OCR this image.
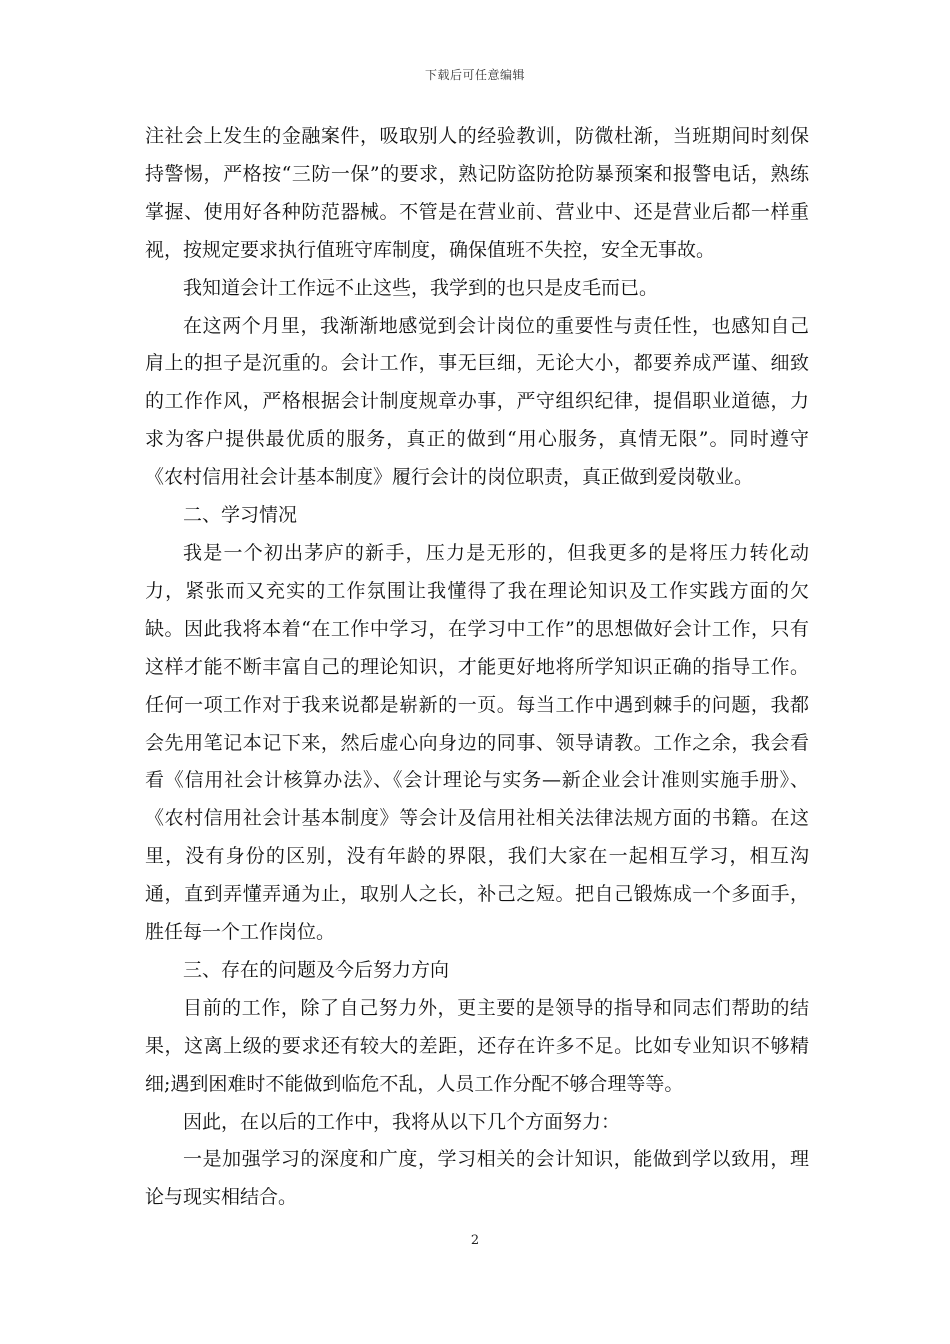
下载后可任意编辑

注社会上发生的金融案件，吸取别人的经验教训，防微杜渐，当班期间时刻保持警惕，严格按“三防一保”的要求，熟记防盗防抢防暴预案和报警电话，熟练掌握、使用好各种防范器械。不管是在营业前、营业中、还是营业后都一样重视，按规定要求执行值班守库制度，确保值班不失控，安全无事故。

我知道会计工作远不止这些，我学到的也只是皮毛而已。

在这两个月里，我渐渐地感觉到会计岗位的重要性与责任性，也感知自己肩上的担子是沉重的。会计工作，事无巨细，无论大小，都要养成严谨、细致的工作作风，严格根据会计制度规章办事，严守组织纪律，提倡职业道德，力求为客户提供最优质的服务，真正的做到“用心服务，真情无限”。同时遵守《农村信用社会计基本制度》履行会计的岗位职责，真正做到爱岗敬业。

二、学习情况

我是一个初出茅庐的新手，压力是无形的，但我更多的是将压力转化动力，紧张而又充实的工作氛围让我懂得了我在理论知识及工作实践方面的欠缺。因此我将本着“在工作中学习，在学习中工作”的思想做好会计工作，只有这样才能不断丰富自己的理论知识，才能更好地将所学知识正确的指导工作。任何一项工作对于我来说都是崭新的一页。每当工作中遇到棘手的问题，我都会先用笔记本记下来，然后虚心向身边的同事、领导请教。工作之余，我会看看《信用社会计核算办法》、《会计理论与实务—新企业会计准则实施手册》、《农村信用社会计基本制度》等会计及信用社相关法律法规方面的书籍。在这里，没有身份的区别，没有年龄的界限，我们大家在一起相互学习，相互沟通，直到弄懂弄通为止，取别人之长，补己之短。把自己锻炼成一个多面手，胜任每一个工作岗位。

三、存在的问题及今后努力方向

目前的工作，除了自己努力外，更主要的是领导的指导和同志们帮助的结果，这离上级的要求还有较大的差距，还存在许多不足。比如专业知识不够精细;遇到困难时不能做到临危不乱，人员工作分配不够合理等等。

因此，在以后的工作中，我将从以下几个方面努力：

一是加强学习的深度和广度，学习相关的会计知识，能做到学以致用，理论与现实相结合。

2
